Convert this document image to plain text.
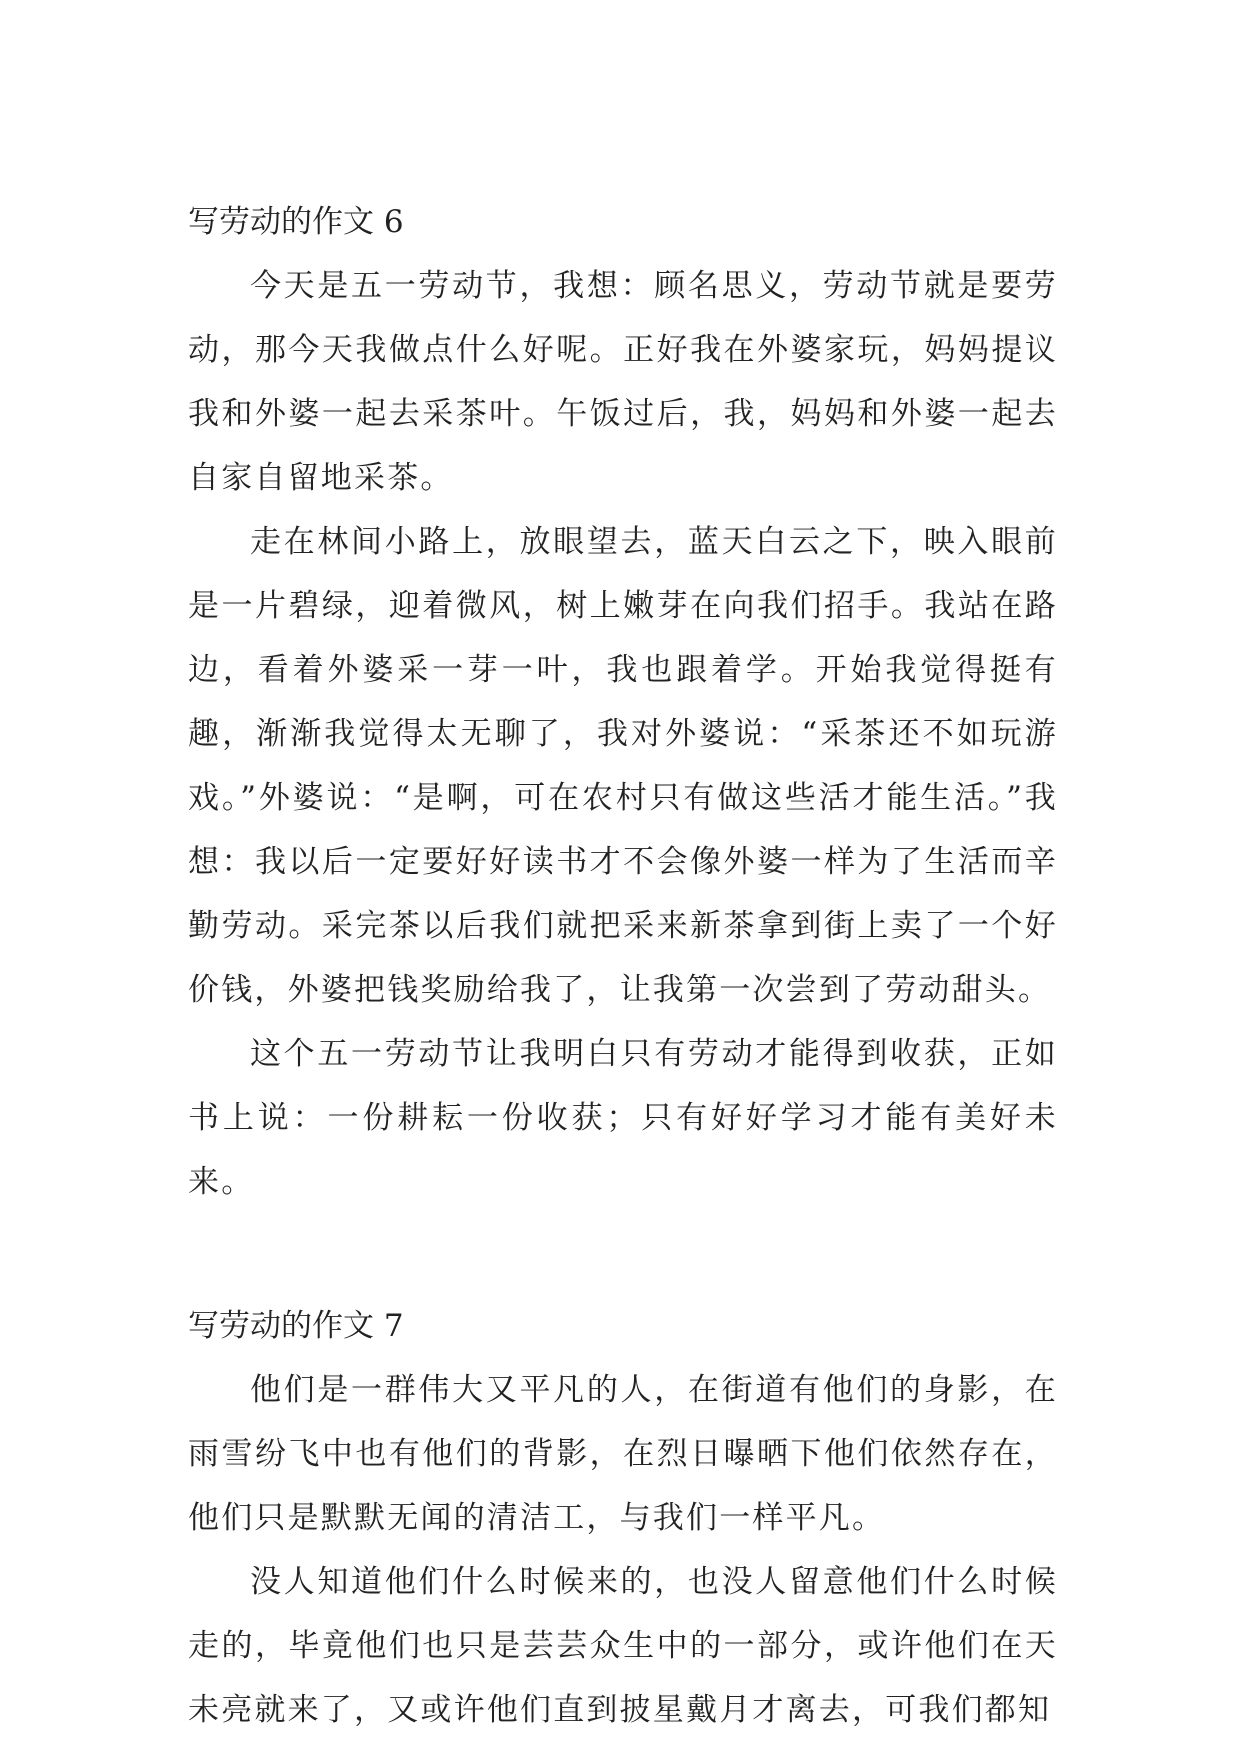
写劳动的作文 6

今天是五一劳动节，我想：顾名思义，劳动节就是要劳动，那今天我做点什么好呢。正好我在外婆家玩，妈妈提议我和外婆一起去采茶叶。午饭过后，我，妈妈和外婆一起去自家自留地采茶。

走在林间小路上，放眼望去，蓝天白云之下，映入眼前是一片碧绿，迎着微风，树上嫩芽在向我们招手。我站在路边，看着外婆采一芽一叶，我也跟着学。开始我觉得挺有趣，渐渐我觉得太无聊了，我对外婆说：“采茶还不如玩游戏。”外婆说：“是啊，可在农村只有做这些活才能生活。”我想：我以后一定要好好读书才不会像外婆一样为了生活而辛勤劳动。采完茶以后我们就把采来新茶拿到街上卖了一个好价钱，外婆把钱奖励给我了，让我第一次尝到了劳动甜头。

这个五一劳动节让我明白只有劳动才能得到收获，正如书上说：一份耕耘一份收获；只有好好学习才能有美好未来。

写劳动的作文 7

他们是一群伟大又平凡的人，在街道有他们的身影，在雨雪纷飞中也有他们的背影，在烈日曝晒下他们依然存在，他们只是默默无闻的清洁工，与我们一样平凡。

没人知道他们什么时候来的，也没人留意他们什么时候走的，毕竟他们也只是芸芸众生中的一部分，或许他们在天未亮就来了，又或许他们直到披星戴月才离去，可我们都知
